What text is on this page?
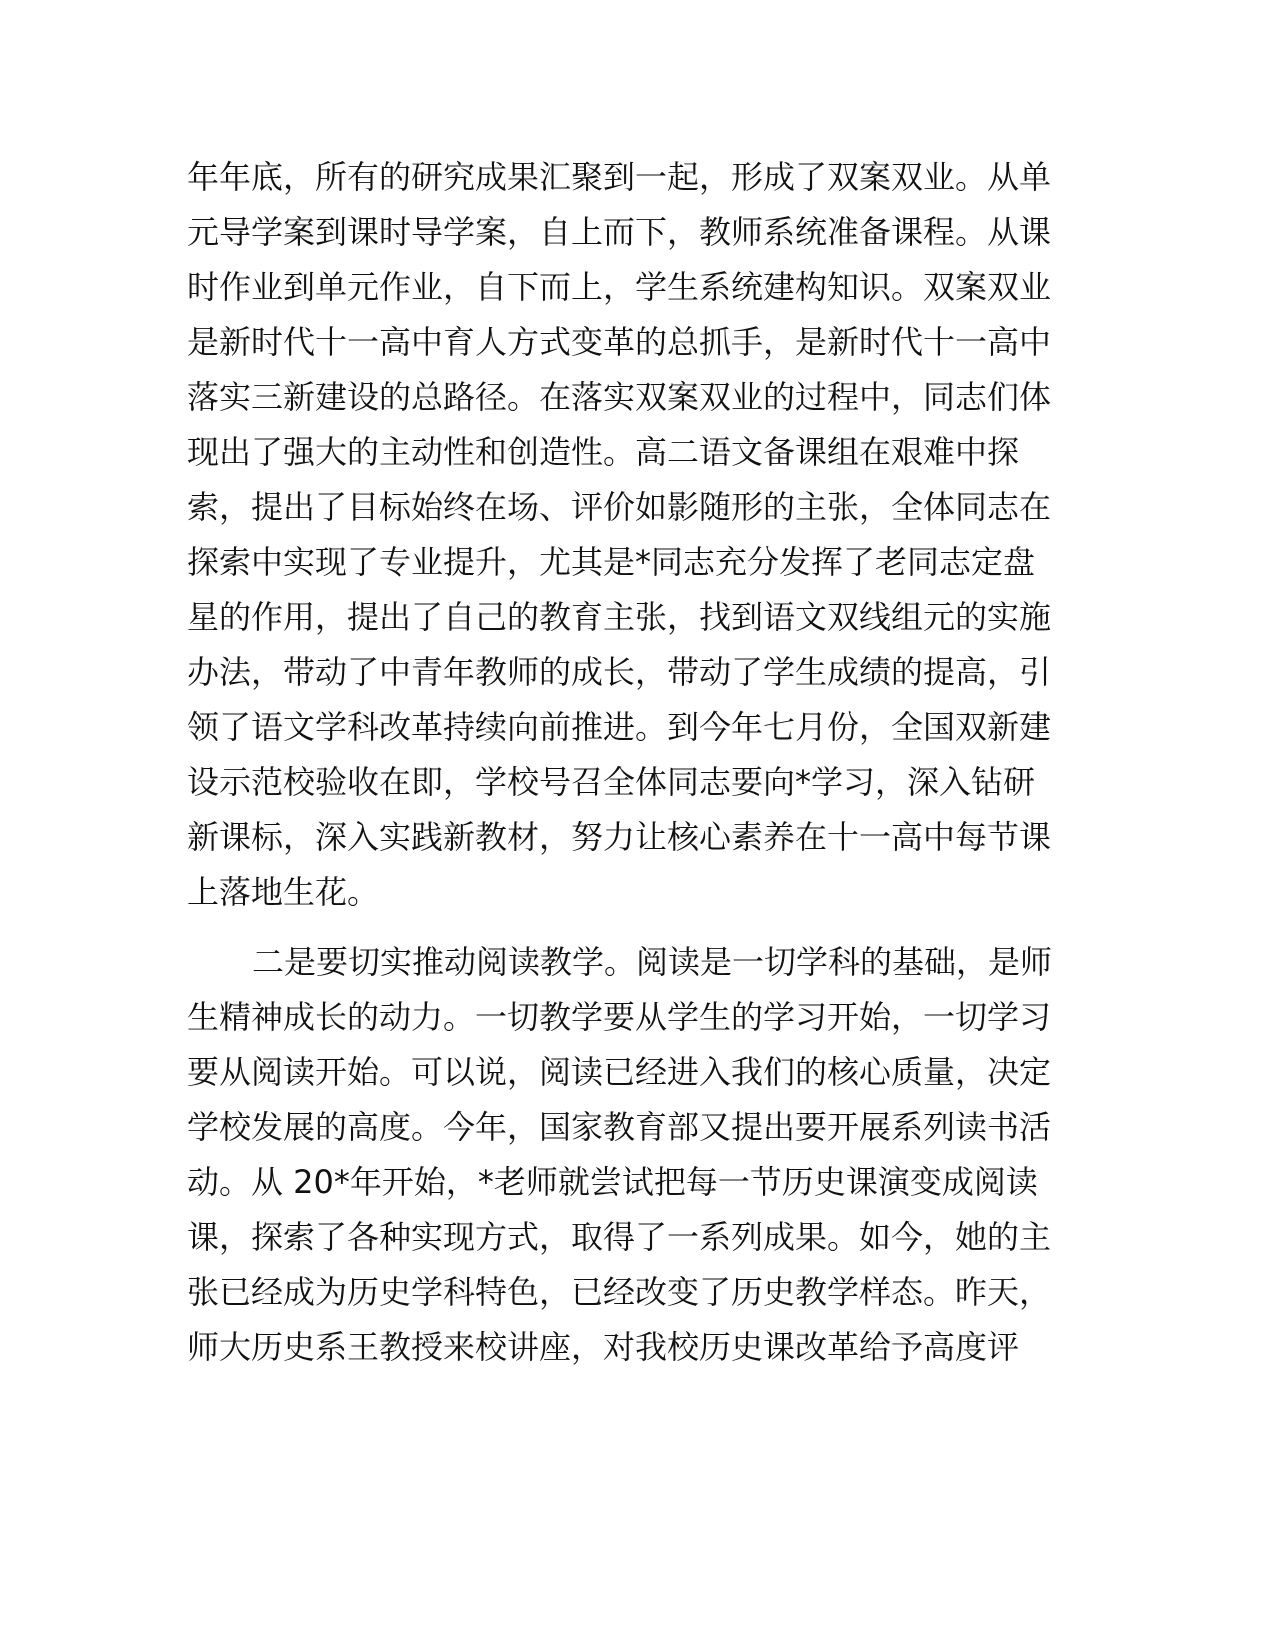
年年底，所有的研究成果汇聚到一起，形成了双案双业。从单
元导学案到课时导学案，自上而下，教师系统准备课程。从课
时作业到单元作业，自下而上，学生系统建构知识。双案双业
是新时代十一高中育人方式变革的总抓手，是新时代十一高中
落实三新建设的总路径。在落实双案双业的过程中，同志们体
现出了强大的主动性和创造性。高二语文备课组在艰难中探
索，提出了目标始终在场、评价如影随形的主张，全体同志在
探索中实现了专业提升，尤其是*同志充分发挥了老同志定盘
星的作用，提出了自己的教育主张，找到语文双线组元的实施
办法，带动了中青年教师的成长，带动了学生成绩的提高，引
领了语文学科改革持续向前推进。到今年七月份，全国双新建
设示范校验收在即，学校号召全体同志要向*学习，深入钻研
新课标，深入实践新教材，努力让核心素养在十一高中每节课
上落地生花。
二是要切实推动阅读教学。阅读是一切学科的基础，是师
生精神成长的动力。一切教学要从学生的学习开始，一切学习
要从阅读开始。可以说，阅读已经进入我们的核心质量，决定
学校发展的高度。今年，国家教育部又提出要开展系列读书活
动。从 20*年开始，*老师就尝试把每一节历史课演变成阅读
课，探索了各种实现方式，取得了一系列成果。如今，她的主
张已经成为历史学科特色，已经改变了历史教学样态。昨天，
师大历史系王教授来校讲座，对我校历史课改革给予高度评
